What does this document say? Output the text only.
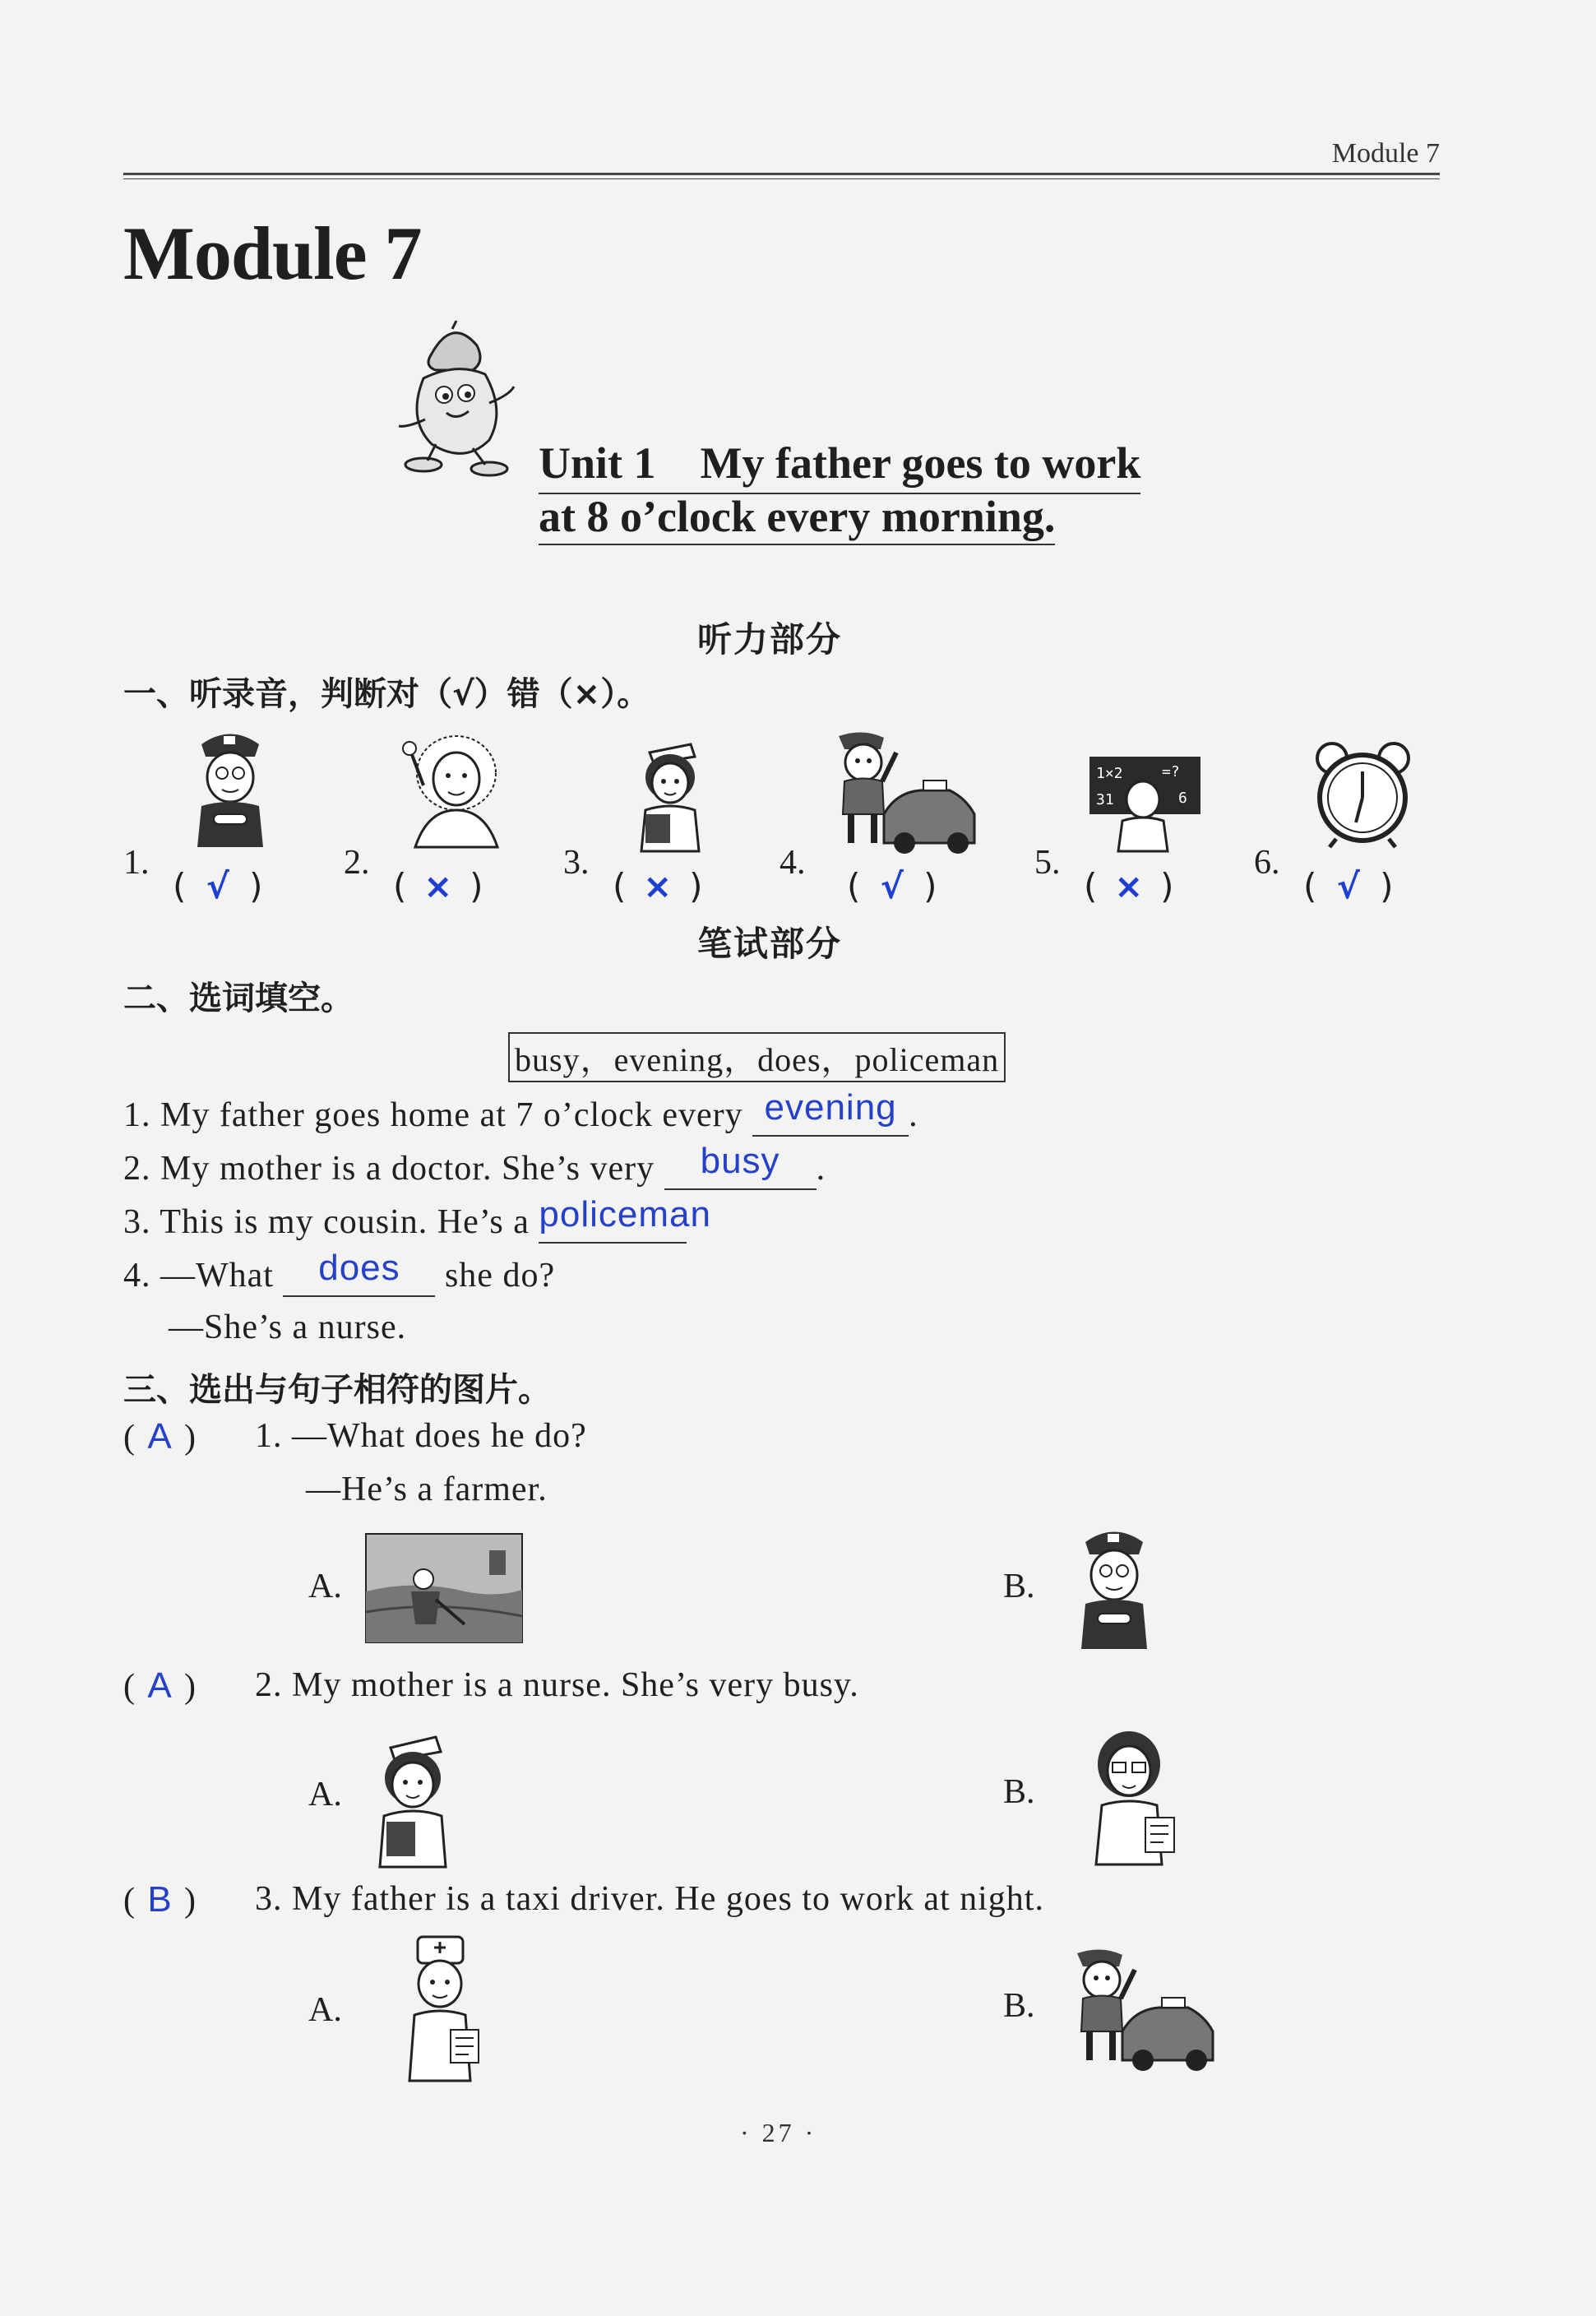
Module 7
Module 7
Unit 1　My father goes to work
at 8 o’clock every morning.
听力部分
一、听录音，判断对（√）错（×）。
1×2	=?
31	6
1.
( √ )
2.
( × )
3.
( × )
4.
( √ )
5.
( × )
6.
( √ )
笔试部分
二、选词填空。
busy，evening，does，policeman
1. My father goes home at 7 o’clock every evening .
2. My mother is a doctor. She’s very busy .
3. This is my cousin. He’s a policeman
4. —What does she do?
—She’s a nurse.
三、选出与句子相符的图片。
( A ) 1. —What does he do?
—He’s a farmer.
A.	B.
( A ) 2. My mother is a nurse. She’s very busy.
A.	B.
( B ) 3. My father is a taxi driver. He goes to work at night.
A.	B.
· 27 ·
